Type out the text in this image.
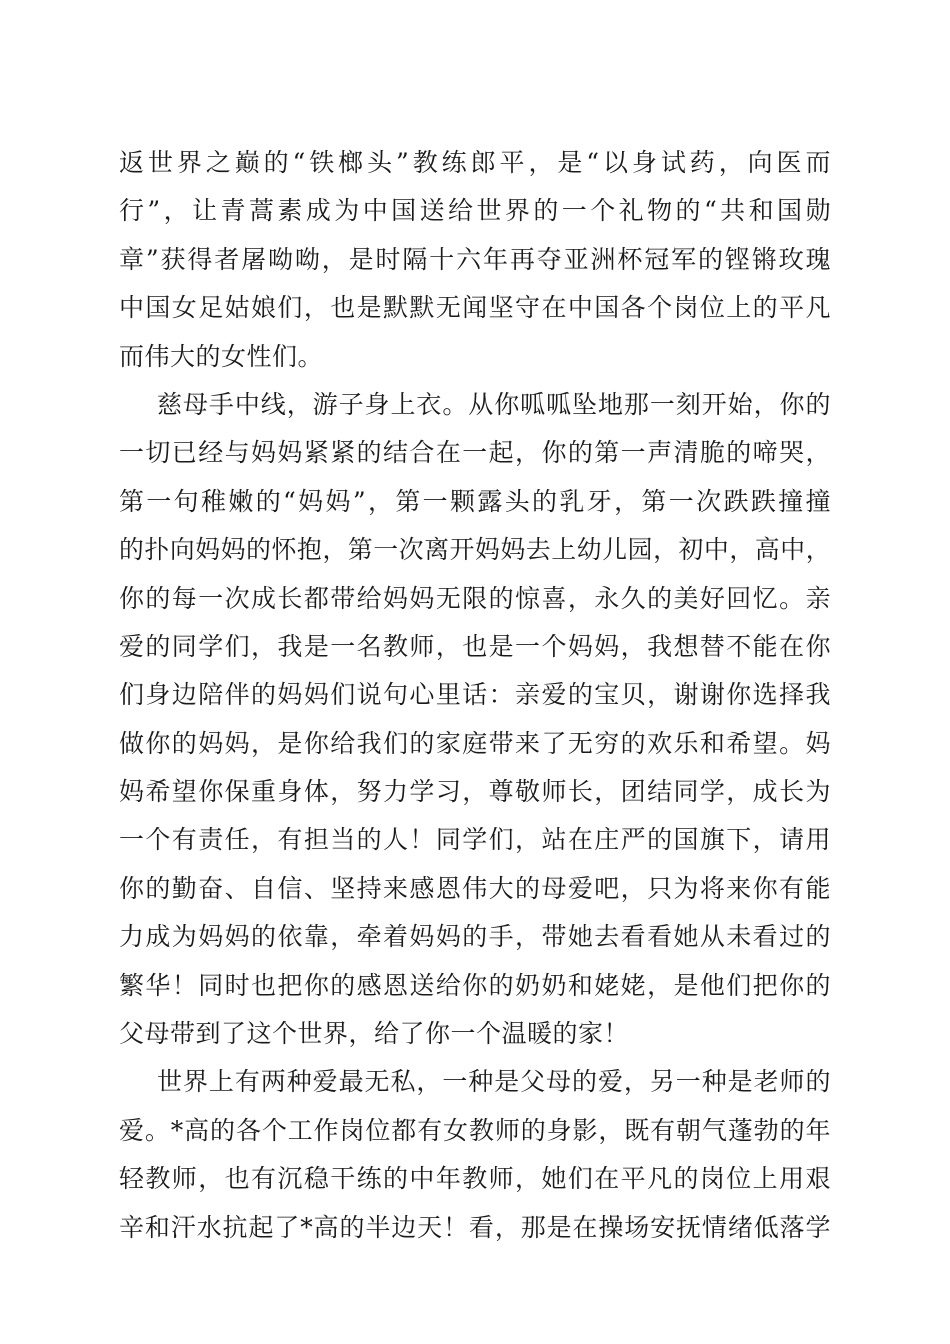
返世界之巅的“铁榔头”教练郎平，是“以身试药，向医而
行”，让青蒿素成为中国送给世界的一个礼物的“共和国勋
章”获得者屠呦呦，是时隔十六年再夺亚洲杯冠军的铿锵玫瑰
中国女足姑娘们，也是默默无闻坚守在中国各个岗位上的平凡
而伟大的女性们。
慈母手中线，游子身上衣。从你呱呱坠地那一刻开始，你的
一切已经与妈妈紧紧的结合在一起，你的第一声清脆的啼哭，
第一句稚嫩的“妈妈”，第一颗露头的乳牙，第一次跌跌撞撞
的扑向妈妈的怀抱，第一次离开妈妈去上幼儿园，初中，高中，
你的每一次成长都带给妈妈无限的惊喜，永久的美好回忆。亲
爱的同学们，我是一名教师，也是一个妈妈，我想替不能在你
们身边陪伴的妈妈们说句心里话：亲爱的宝贝，谢谢你选择我
做你的妈妈，是你给我们的家庭带来了无穷的欢乐和希望。妈
妈希望你保重身体，努力学习，尊敬师长，团结同学，成长为
一个有责任，有担当的人！同学们，站在庄严的国旗下，请用
你的勤奋、自信、坚持来感恩伟大的母爱吧，只为将来你有能
力成为妈妈的依靠，牵着妈妈的手，带她去看看她从未看过的
繁华！同时也把你的感恩送给你的奶奶和姥姥，是他们把你的
父母带到了这个世界，给了你一个温暖的家！
世界上有两种爱最无私，一种是父母的爱，另一种是老师的
爱。*高的各个工作岗位都有女教师的身影，既有朝气蓬勃的年
轻教师，也有沉稳干练的中年教师，她们在平凡的岗位上用艰
辛和汗水抗起了*高的半边天！看，那是在操场安抚情绪低落学
